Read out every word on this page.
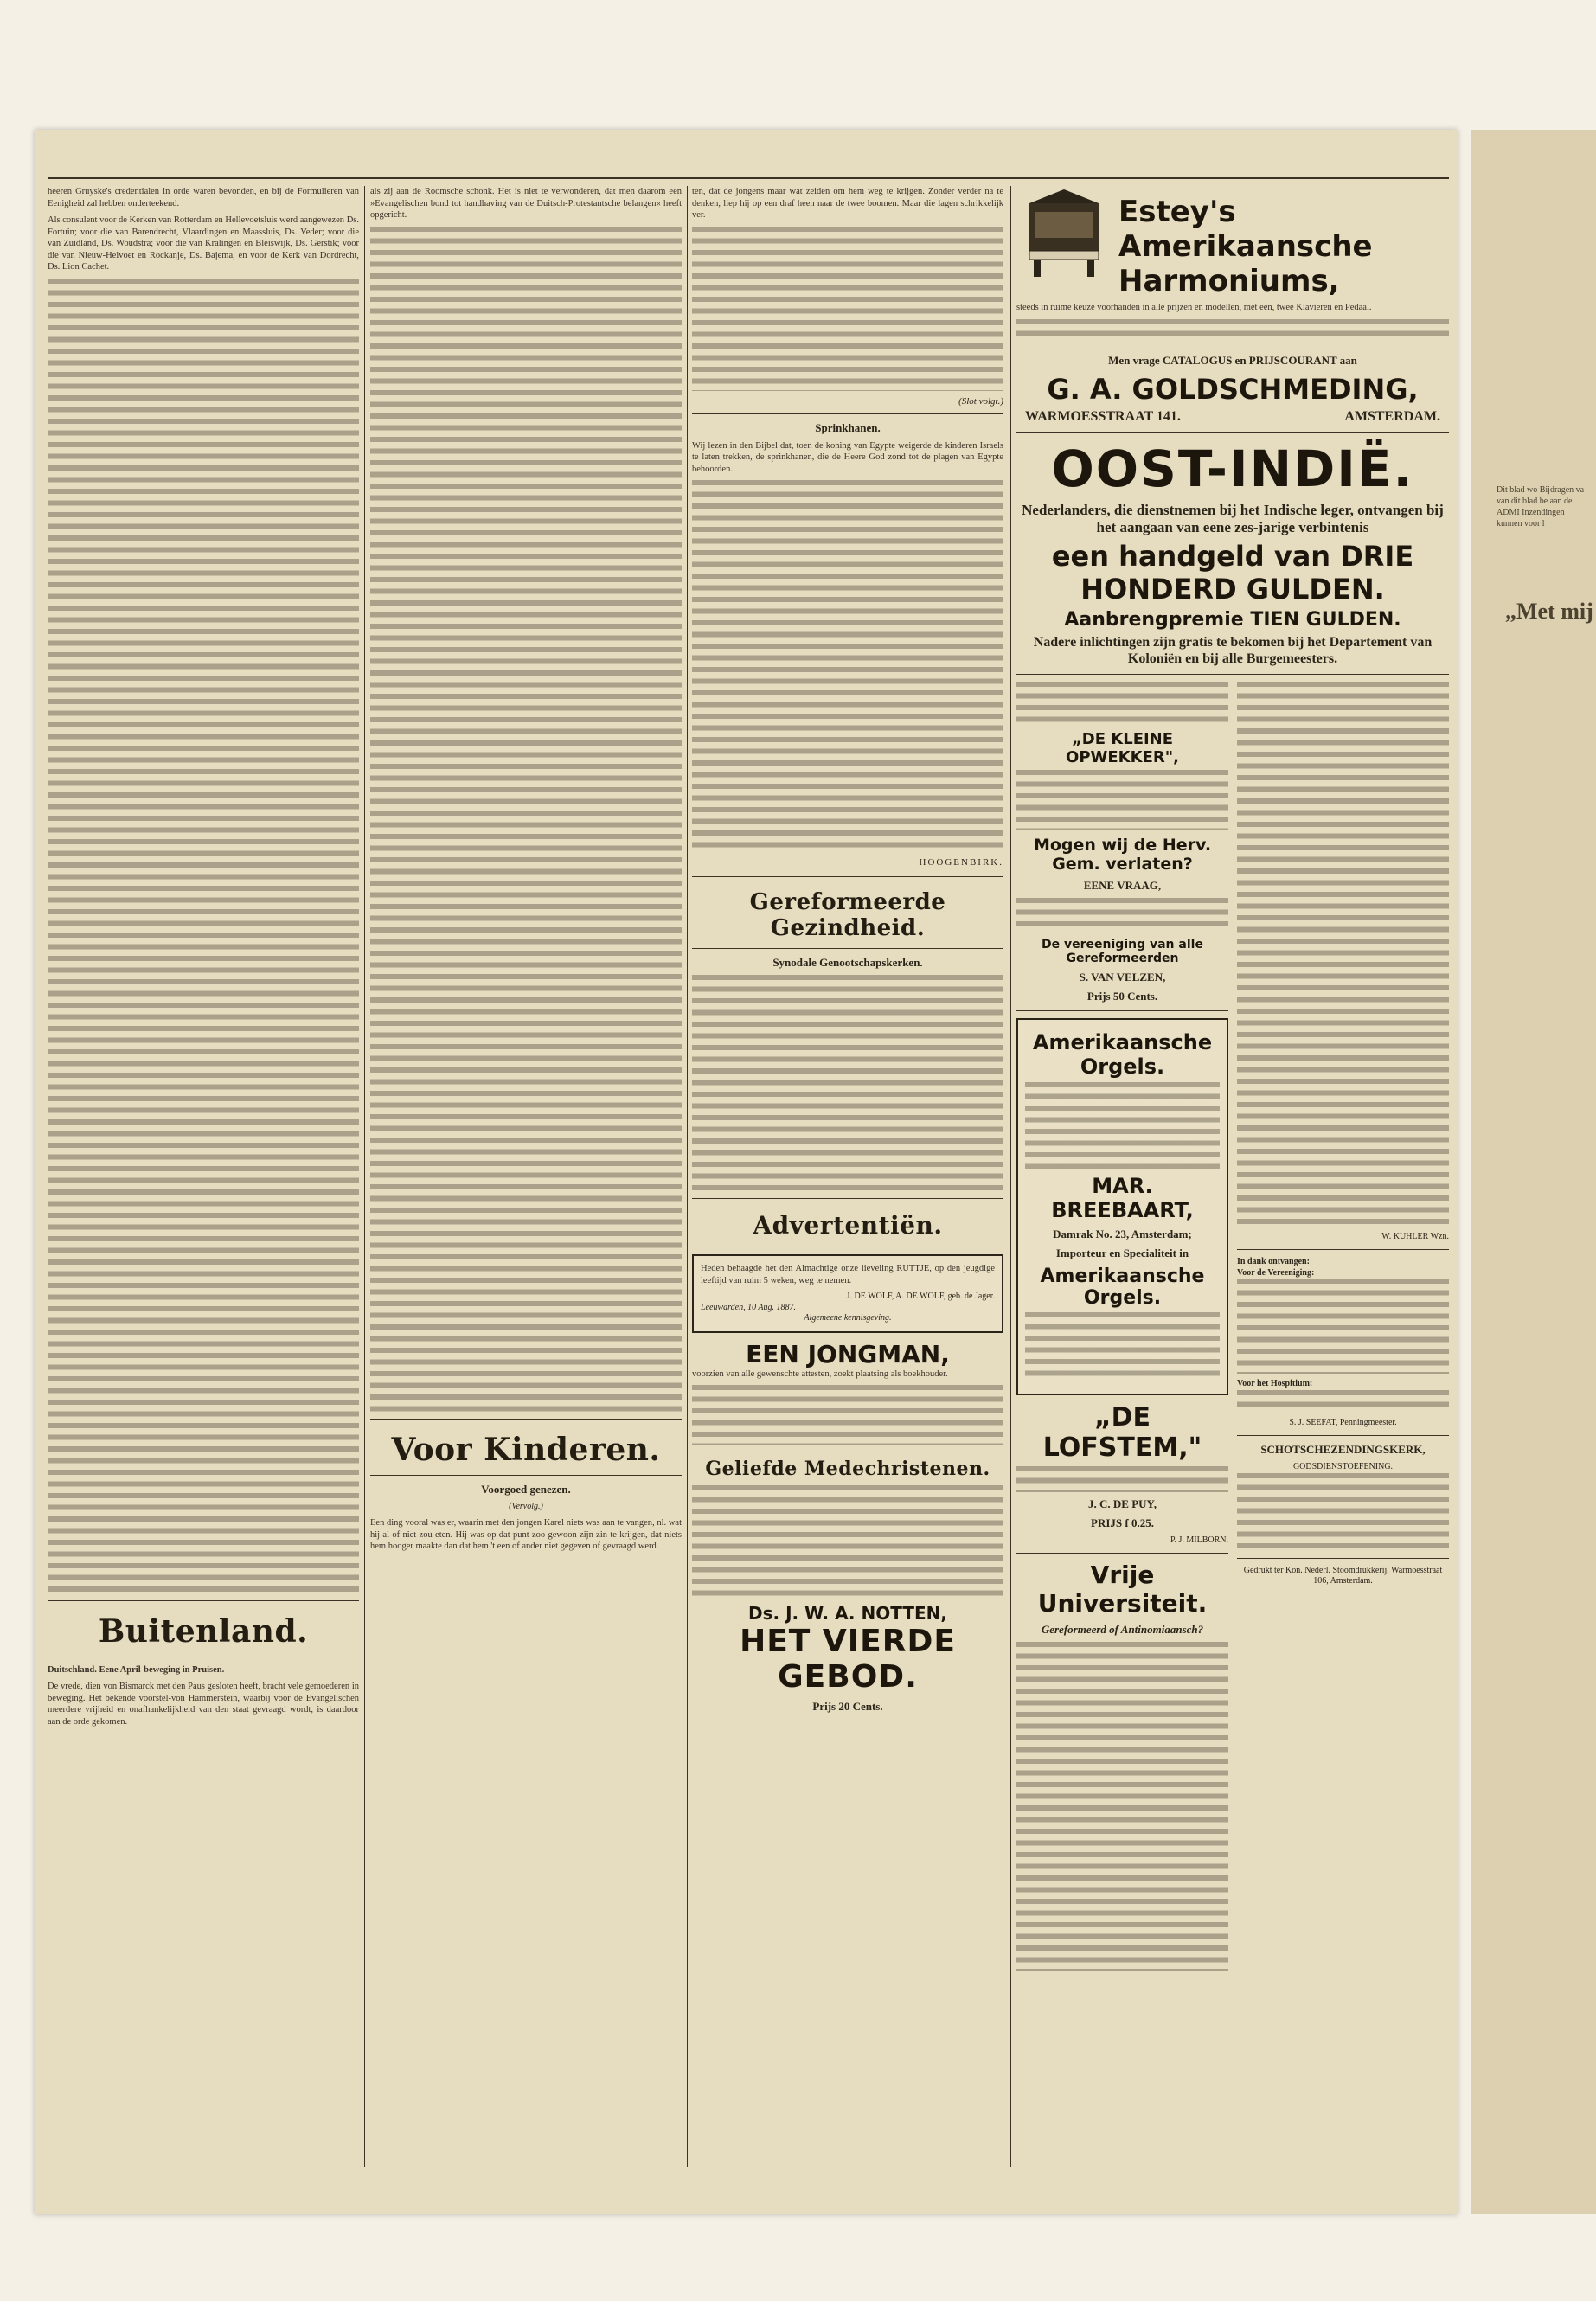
Dit blad wo Bijdragen va van dit blad be aan de ADMI Inzendingen kunnen voor l
„Met mij

heeren Gruyske's credentialen in orde waren bevonden, en bij de Formulieren van Eenigheid zal hebben onderteekend.

Als consulent voor de Kerken van Rotterdam en Hellevoetsluis werd aangewezen Ds. Fortuin; voor die van Barendrecht, Vlaardingen en Maassluis, Ds. Veder; voor die van Zuidland, Ds. Woudstra; voor die van Kralingen en Bleiswijk, Ds. Gerstik; voor die van Nieuw-Helvoet en Rockanje, Ds. Bajema, en voor de Kerk van Dordrecht, Ds. Lion Cachet.

Buitenland.

Duitschland. Eene April-beweging in Pruisen.

De vrede, dien von Bismarck met den Paus gesloten heeft, bracht vele gemoederen in beweging. Het bekende voorstel-von Hammerstein, waarbij voor de Evangelischen meerdere vrijheid en onafhankelijkheid van den staat gevraagd wordt, is daardoor aan de orde gekomen.

als zij aan de Roomsche schonk. Het is niet te verwonderen, dat men daarom een »Evangelischen bond tot handhaving van de Duitsch-Protestantsche belangen« heeft opgericht.

Voor Kinderen.
Voorgoed genezen.
(Vervolg.)

Een ding vooral was er, waarin met den jongen Karel niets was aan te vangen, nl. wat hij al of niet zou eten. Hij was op dat punt zoo gewoon zijn zin te krijgen, dat niets hem hooger maakte dan dat hem 't een of ander niet gegeven of gevraagd werd.

ten, dat de jongens maar wat zeiden om hem weg te krijgen. Zonder verder na te denken, liep hij op een draf heen naar de twee boomen. Maar die lagen schrikkelijk ver.

(Slot volgt.)
Sprinkhanen.

Wij lezen in den Bijbel dat, toen de koning van Egypte weigerde de kinderen Israels te laten trekken, de sprinkhanen, die de Heere God zond tot de plagen van Egypte behoorden.

HOOGENBIRK.
Gereformeerde Gezindheid.
Synodale Genootschapskerken.
Advertentiën.

Heden behaagde het den Almachtige onze lieveling RUTTJE, op den jeugdige leeftijd van ruim 5 weken, weg te nemen.

J. DE WOLF, A. DE WOLF, geb. de Jager.
Leeuwarden, 10 Aug. 1887.
Algemeene kennisgeving.
EEN JONGMAN,

voorzien van alle gewenschte attesten, zoekt plaatsing als boekhouder.

Geliefde Medechristenen.
Ds. J. W. A. NOTTEN,
HET VIERDE GEBOD.
Prijs 20 Cents.
Estey's Amerikaansche Harmoniums,

steeds in ruime keuze voorhanden in alle prijzen en modellen, met een, twee Klavieren en Pedaal.

Men vrage CATALOGUS en PRIJSCOURANT aan
G. A. GOLDSCHMEDING,
WARMOESSTRAAT 141.	AMSTERDAM.
OOST-INDIË.
Nederlanders, die dienstnemen bij het Indische leger, ontvangen bij het aangaan van eene zes-jarige verbintenis
een handgeld van DRIE HONDERD GULDEN.
Aanbrengpremie TIEN GULDEN.
Nadere inlichtingen zijn gratis te bekomen bij het Departement van Koloniën en bij alle Burgemeesters.
„DE KLEINE OPWEKKER",
Mogen wij de Herv. Gem. verlaten?
EENE VRAAG,
De vereeniging van alle Gereformeerden
S. VAN VELZEN,
Prijs 50 Cents.
Amerikaansche Orgels.
MAR. BREEBAART,
Damrak No. 23, Amsterdam;
Importeur en Specialiteit in
Amerikaansche Orgels.
„DE LOFSTEM,"
J. C. DE PUY,
PRIJS f 0.25.
P. J. MILBORN.
Vrije Universiteit.
Gereformeerd of Antinomiaansch?
W. KUHLER Wzn.
In dank ontvangen:
Voor de Vereeniging:
Voor het Hospitium:
S. J. SEEFAT, Penningmeester.
SCHOTSCHEZENDINGSKERK,
GODSDIENSTOEFENING.
Gedrukt ter Kon. Nederl. Stoomdrukkerij, Warmoesstraat 106, Amsterdam.
